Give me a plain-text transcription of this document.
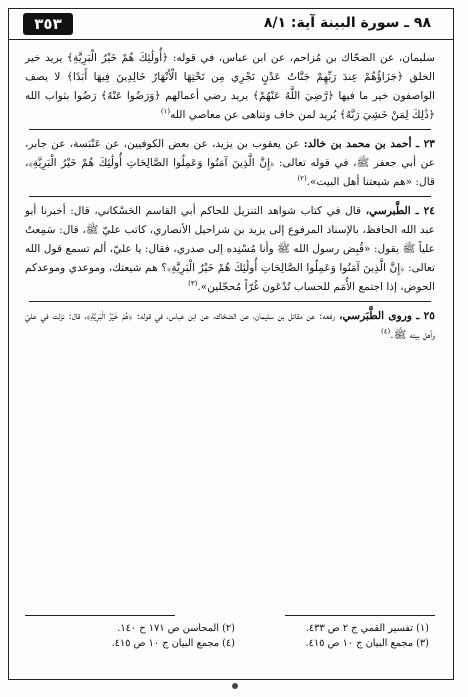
٣٥٣	٩٨ ـ سورة البينة آية: ٨/١

سليمان، عن الضحّاك بن مُزاحم، عن ابن عباس، في قوله: ﴿أُولَٰئِكَ هُمْ خَيْرُ الْبَرِيَّةِ﴾ يريد خير الخلق ﴿جَزَاؤُهُمْ عِندَ رَبِّهِمْ جَنَّاتُ عَدْنٍ تَجْرِي مِن تَحْتِهَا الْأَنْهَارُ خَالِدِينَ فِيهَا أَبَدًا﴾ لا يصف الواصفون خير ما فيها ﴿رَّضِيَ اللَّهُ عَنْهُمْ﴾ يريد رضي أعمالهم ﴿وَرَضُوا عَنْهُ﴾ رَضُوا بثواب الله ﴿ذَٰلِكَ لِمَنْ خَشِيَ رَبَّهُ﴾ يُريد لمن خاف وتناهى عن معاصي الله$^{(١)}$

٢٣ ـ أحمد بن محمد بن خالد: عن يعقوب بن يزيد، عن بعض الكوفيين، عن عَنْبَسة، عن جابر، عن أبي جعفر ﷺ، في قوله تعالى: ﴿إِنَّ الَّذِينَ آمَنُوا وَعَمِلُوا الصَّالِحَاتِ أُولَٰئِكَ هُمْ خَيْرُ الْبَرِيَّةِ﴾، قال: «هم شيعتنا أهل البيت».$^{(٢)}$

٢٤ ـ الطَّبرسي، قال في كتاب شواهد التنزيل للحاكم أبي القاسم الحَسْكاني، قال: أخبرنا أبو عبد الله الحافظ، بالإسناد المرفوع إلى يزيد بن شراحيل الأنصاري، كاتب عليّ ﷺ، قال: سَمِعتُ علياً ﷺ يقول: «قُبِض رسول الله ﷺ وأنا مُسْنِده إلى صدري، فقال: يا عليّ، ألم تسمع قول الله تعالى: ﴿إِنَّ الَّذِينَ آمَنُوا وَعَمِلُوا الصَّالِحَاتِ أُولَٰئِكَ هُمْ خَيْرُ الْبَرِيَّةِ﴾؟ هم شيعتك، وموعدي وموعدكم الحوض، إذا اجتمع الأُمَم للحساب تُدْعَون غُرّاً مُحجّلين».$^{(٣)}$

٢٥ ـ وروى الطَّبَرسي، رفعه: عن مقاتل بن سليمان، عن الضحّاك، عن ابن عباس، في قوله: ﴿هُمْ خَيْرُ الْبَرِيَّةِ﴾، قال: نزلت في عليّ وأهل بيته ﷺ.$^{(٤)}$

(١) تفسير القمي ج ٢ ص ٤٣٣.
(٣) مجمع البيان ج ١٠ ص ٤١٥.
(٢) المحاسن ص ١٧١ ح ١٤٠.
(٤) مجمع البيان ج ١٠ ص ٤١٥.
